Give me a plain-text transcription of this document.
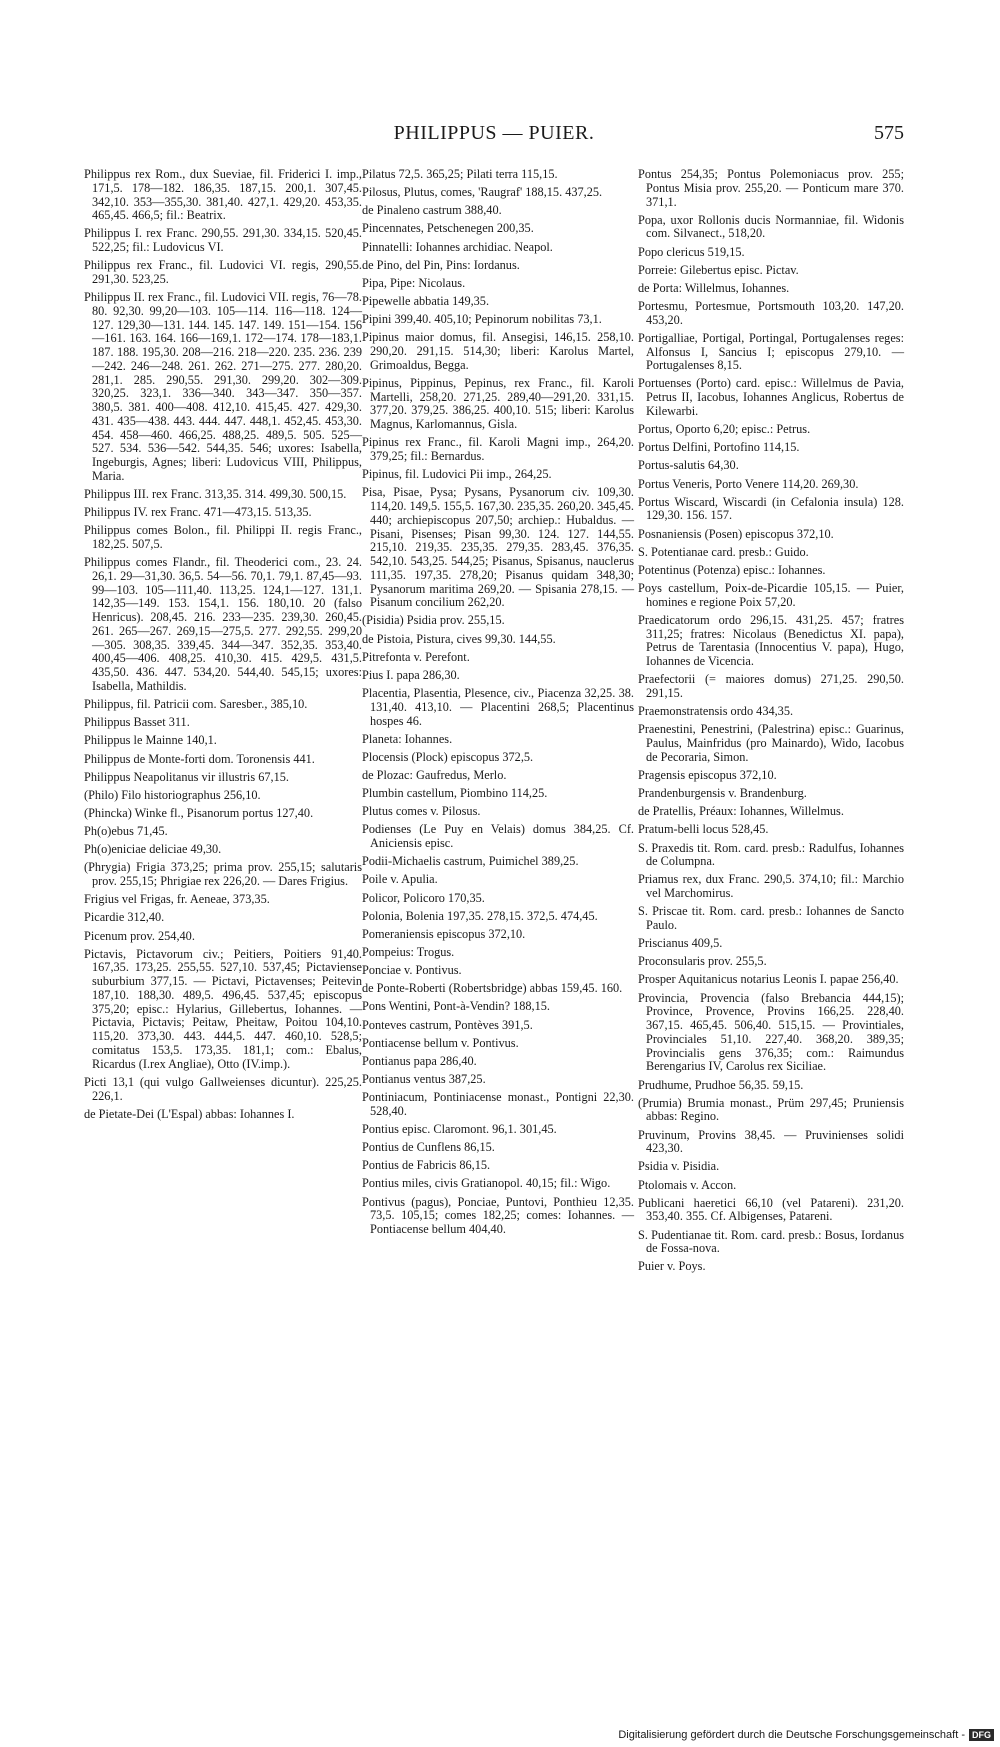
PHILIPPUS — PUIER.	575

Philippus rex Rom., dux Sueviae, fil. Friderici I. imp., 171,5. 178—182. 186,35. 187,15. 200,1. 307,45. 342,10. 353—355,30. 381,40. 427,1. 429,20. 453,35. 465,45. 466,5; fil.: Beatrix.

Philippus I. rex Franc. 290,55. 291,30. 334,15. 520,45. 522,25; fil.: Ludovicus VI.

Philippus rex Franc., fil. Ludovici VI. regis, 290,55. 291,30. 523,25.

Philippus II. rex Franc., fil. Ludovici VII. regis, 76—78. 80. 92,30. 99,20—103. 105—114. 116—118. 124—127. 129,30—131. 144. 145. 147. 149. 151—154. 156—161. 163. 164. 166—169,1. 172—174. 178—183,1. 187. 188. 195,30. 208—216. 218—220. 235. 236. 239—242. 246—248. 261. 262. 271—275. 277. 280,20. 281,1. 285. 290,55. 291,30. 299,20. 302—309. 320,25. 323,1. 336—340. 343—347. 350—357. 380,5. 381. 400—408. 412,10. 415,45. 427. 429,30. 431. 435—438. 443. 444. 447. 448,1. 452,45. 453,30. 454. 458—460. 466,25. 488,25. 489,5. 505. 525—527. 534. 536—542. 544,35. 546; uxores: Isabella, Ingeburgis, Agnes; liberi: Ludovicus VIII, Philippus, Maria.

Philippus III. rex Franc. 313,35. 314. 499,30. 500,15.

Philippus IV. rex Franc. 471—473,15. 513,35.

Philippus comes Bolon., fil. Philippi II. regis Franc., 182,25. 507,5.

Philippus comes Flandr., fil. Theoderici com., 23. 24. 26,1. 29—31,30. 36,5. 54—56. 70,1. 79,1. 87,45—93. 99—103. 105—111,40. 113,25. 124,1—127. 131,1. 142,35—149. 153. 154,1. 156. 180,10. 20 (falso Henricus). 208,45. 216. 233—235. 239,30. 260,45. 261. 265—267. 269,15—275,5. 277. 292,55. 299,20—305. 308,35. 339,45. 344—347. 352,35. 353,40. 400,45—406. 408,25. 410,30. 415. 429,5. 431,5. 435,50. 436. 447. 534,20. 544,40. 545,15; uxores: Isabella, Mathildis.

Philippus, fil. Patricii com. Saresber., 385,10.

Philippus Basset 311.

Philippus le Mainne 140,1.

Philippus de Monte-forti dom. Toronensis 441.

Philippus Neapolitanus vir illustris 67,15.

(Philo) Filo historiographus 256,10.

(Phincka) Winke fl., Pisanorum portus 127,40.

Ph(o)ebus 71,45.

Ph(o)eniciae deliciae 49,30.

(Phrygia) Frigia 373,25; prima prov. 255,15; salutaris prov. 255,15; Phrigiae rex 226,20. — Dares Frigius.

Frigius vel Frigas, fr. Aeneae, 373,35.

Picardie 312,40.

Picenum prov. 254,40.

Pictavis, Pictavorum civ.; Peitiers, Poitiers 91,40. 167,35. 173,25. 255,55. 527,10. 537,45; Pictaviense suburbium 377,15. — Pictavi, Pictavenses; Peitevin 187,10. 188,30. 489,5. 496,45. 537,45; episcopus 375,20; episc.: Hylarius, Gillebertus, Iohannes. — Pictavia, Pictavis; Peitaw, Pheitaw, Poitou 104,10. 115,20. 373,30. 443. 444,5. 447. 460,10. 528,5; comitatus 153,5. 173,35. 181,1; com.: Ebalus, Ricardus (I.rex Angliae), Otto (IV.imp.).

Picti 13,1 (qui vulgo Gallweienses dicuntur). 225,25. 226,1.

de Pietate-Dei (L'Espal) abbas: Iohannes I.

Pilatus 72,5. 365,25; Pilati terra 115,15.

Pilosus, Plutus, comes, 'Raugraf' 188,15. 437,25.

de Pinaleno castrum 388,40.

Pincennates, Petschenegen 200,35.

Pinnatelli: Iohannes archidiac. Neapol.

de Pino, del Pin, Pins: Iordanus.

Pipa, Pipe: Nicolaus.

Pipewelle abbatia 149,35.

Pipini 399,40. 405,10; Pepinorum nobilitas 73,1.

Pipinus maior domus, fil. Ansegisi, 146,15. 258,10. 290,20. 291,15. 514,30; liberi: Karolus Martel, Grimoaldus, Begga.

Pipinus, Pippinus, Pepinus, rex Franc., fil. Karoli Martelli, 258,20. 271,25. 289,40—291,20. 331,15. 377,20. 379,25. 386,25. 400,10. 515; liberi: Karolus Magnus, Karlomannus, Gisla.

Pipinus rex Franc., fil. Karoli Magni imp., 264,20. 379,25; fil.: Bernardus.

Pipinus, fil. Ludovici Pii imp., 264,25.

Pisa, Pisae, Pysa; Pysans, Pysanorum civ. 109,30. 114,20. 149,5. 155,5. 167,30. 235,35. 260,20. 345,45. 440; archiepiscopus 207,50; archiep.: Hubaldus. — Pisani, Pisenses; Pisan 99,30. 124. 127. 144,55. 215,10. 219,35. 235,35. 279,35. 283,45. 376,35. 542,10. 543,25. 544,25; Pisanus, Spisanus, nauclerus 111,35. 197,35. 278,20; Pisanus quidam 348,30; Pysanorum maritima 269,20. — Spisania 278,15. — Pisanum concilium 262,20.

(Pisidia) Psidia prov. 255,15.

de Pistoia, Pistura, cives 99,30. 144,55.

Pitrefonta v. Perefont.

Pius I. papa 286,30.

Placentia, Plasentia, Plesence, civ., Piacenza 32,25. 38. 131,40. 413,10. — Placentini 268,5; Placentinus hospes 46.

Planeta: Iohannes.

Plocensis (Plock) episcopus 372,5.

de Plozac: Gaufredus, Merlo.

Plumbin castellum, Piombino 114,25.

Plutus comes v. Pilosus.

Podienses (Le Puy en Velais) domus 384,25. Cf. Aniciensis episc.

Podii-Michaelis castrum, Puimichel 389,25.

Poile v. Apulia.

Policor, Policoro 170,35.

Polonia, Bolenia 197,35. 278,15. 372,5. 474,45.

Pomeraniensis episcopus 372,10.

Pompeius: Trogus.

Ponciae v. Pontivus.

de Ponte-Roberti (Robertsbridge) abbas 159,45. 160.

Pons Wentini, Pont-à-Vendin? 188,15.

Ponteves castrum, Pontèves 391,5.

Pontiacense bellum v. Pontivus.

Pontianus papa 286,40.

Pontianus ventus 387,25.

Pontiniacum, Pontiniacense monast., Pontigni 22,30. 528,40.

Pontius episc. Claromont. 96,1. 301,45.

Pontius de Cunflens 86,15.

Pontius de Fabricis 86,15.

Pontius miles, civis Gratianopol. 40,15; fil.: Wigo.

Pontivus (pagus), Ponciae, Puntovi, Ponthieu 12,35. 73,5. 105,15; comes 182,25; comes: Iohannes. — Pontiacense bellum 404,40.

Pontus 254,35; Pontus Polemoniacus prov. 255; Pontus Misia prov. 255,20. — Ponticum mare 370. 371,1.

Popa, uxor Rollonis ducis Normanniae, fil. Widonis com. Silvanect., 518,20.

Popo clericus 519,15.

Porreie: Gilebertus episc. Pictav.

de Porta: Willelmus, Iohannes.

Portesmu, Portesmue, Portsmouth 103,20. 147,20. 453,20.

Portigalliae, Portigal, Portingal, Portugalenses reges: Alfonsus I, Sancius I; episcopus 279,10. — Portugalenses 8,15.

Portuenses (Porto) card. episc.: Willelmus de Pavia, Petrus II, Iacobus, Iohannes Anglicus, Robertus de Kilewarbi.

Portus, Oporto 6,20; episc.: Petrus.

Portus Delfini, Portofino 114,15.

Portus-salutis 64,30.

Portus Veneris, Porto Venere 114,20. 269,30.

Portus Wiscard, Wiscardi (in Cefalonia insula) 128. 129,30. 156. 157.

Posnaniensis (Posen) episcopus 372,10.

S. Potentianae card. presb.: Guido.

Potentinus (Potenza) episc.: Iohannes.

Poys castellum, Poix-de-Picardie 105,15. — Puier, homines e regione Poix 57,20.

Praedicatorum ordo 296,15. 431,25. 457; fratres 311,25; fratres: Nicolaus (Benedictus XI. papa), Petrus de Tarentasia (Innocentius V. papa), Hugo, Iohannes de Vicencia.

Praefectorii (= maiores domus) 271,25. 290,50. 291,15.

Praemonstratensis ordo 434,35.

Praenestini, Penestrini, (Palestrina) episc.: Guarinus, Paulus, Mainfridus (pro Mainardo), Wido, Iacobus de Pecoraria, Simon.

Pragensis episcopus 372,10.

Prandenburgensis v. Brandenburg.

de Pratellis, Préaux: Iohannes, Willelmus.

Pratum-belli locus 528,45.

S. Praxedis tit. Rom. card. presb.: Radulfus, Iohannes de Columpna.

Priamus rex, dux Franc. 290,5. 374,10; fil.: Marchio vel Marchomirus.

S. Priscae tit. Rom. card. presb.: Iohannes de Sancto Paulo.

Priscianus 409,5.

Proconsularis prov. 255,5.

Prosper Aquitanicus notarius Leonis I. papae 256,40.

Provincia, Provencia (falso Brebancia 444,15); Province, Provence, Provins 166,25. 228,40. 367,15. 465,45. 506,40. 515,15. — Provintiales, Provinciales 51,10. 227,40. 368,20. 389,35; Provincialis gens 376,35; com.: Raimundus Berengarius IV, Carolus rex Siciliae.

Prudhume, Prudhoe 56,35. 59,15.

(Prumia) Brumia monast., Prüm 297,45; Pruniensis abbas: Regino.

Pruvinum, Provins 38,45. — Pruvinienses solidi 423,30.

Psidia v. Pisidia.

Ptolomais v. Accon.

Publicani haeretici 66,10 (vel Patareni). 231,20. 353,40. 355. Cf. Albigenses, Patareni.

S. Pudentianae tit. Rom. card. presb.: Bosus, Iordanus de Fossa-nova.

Puier v. Poys.

Digitalisierung gefördert durch die Deutsche Forschungsgemeinschaft - DFG
